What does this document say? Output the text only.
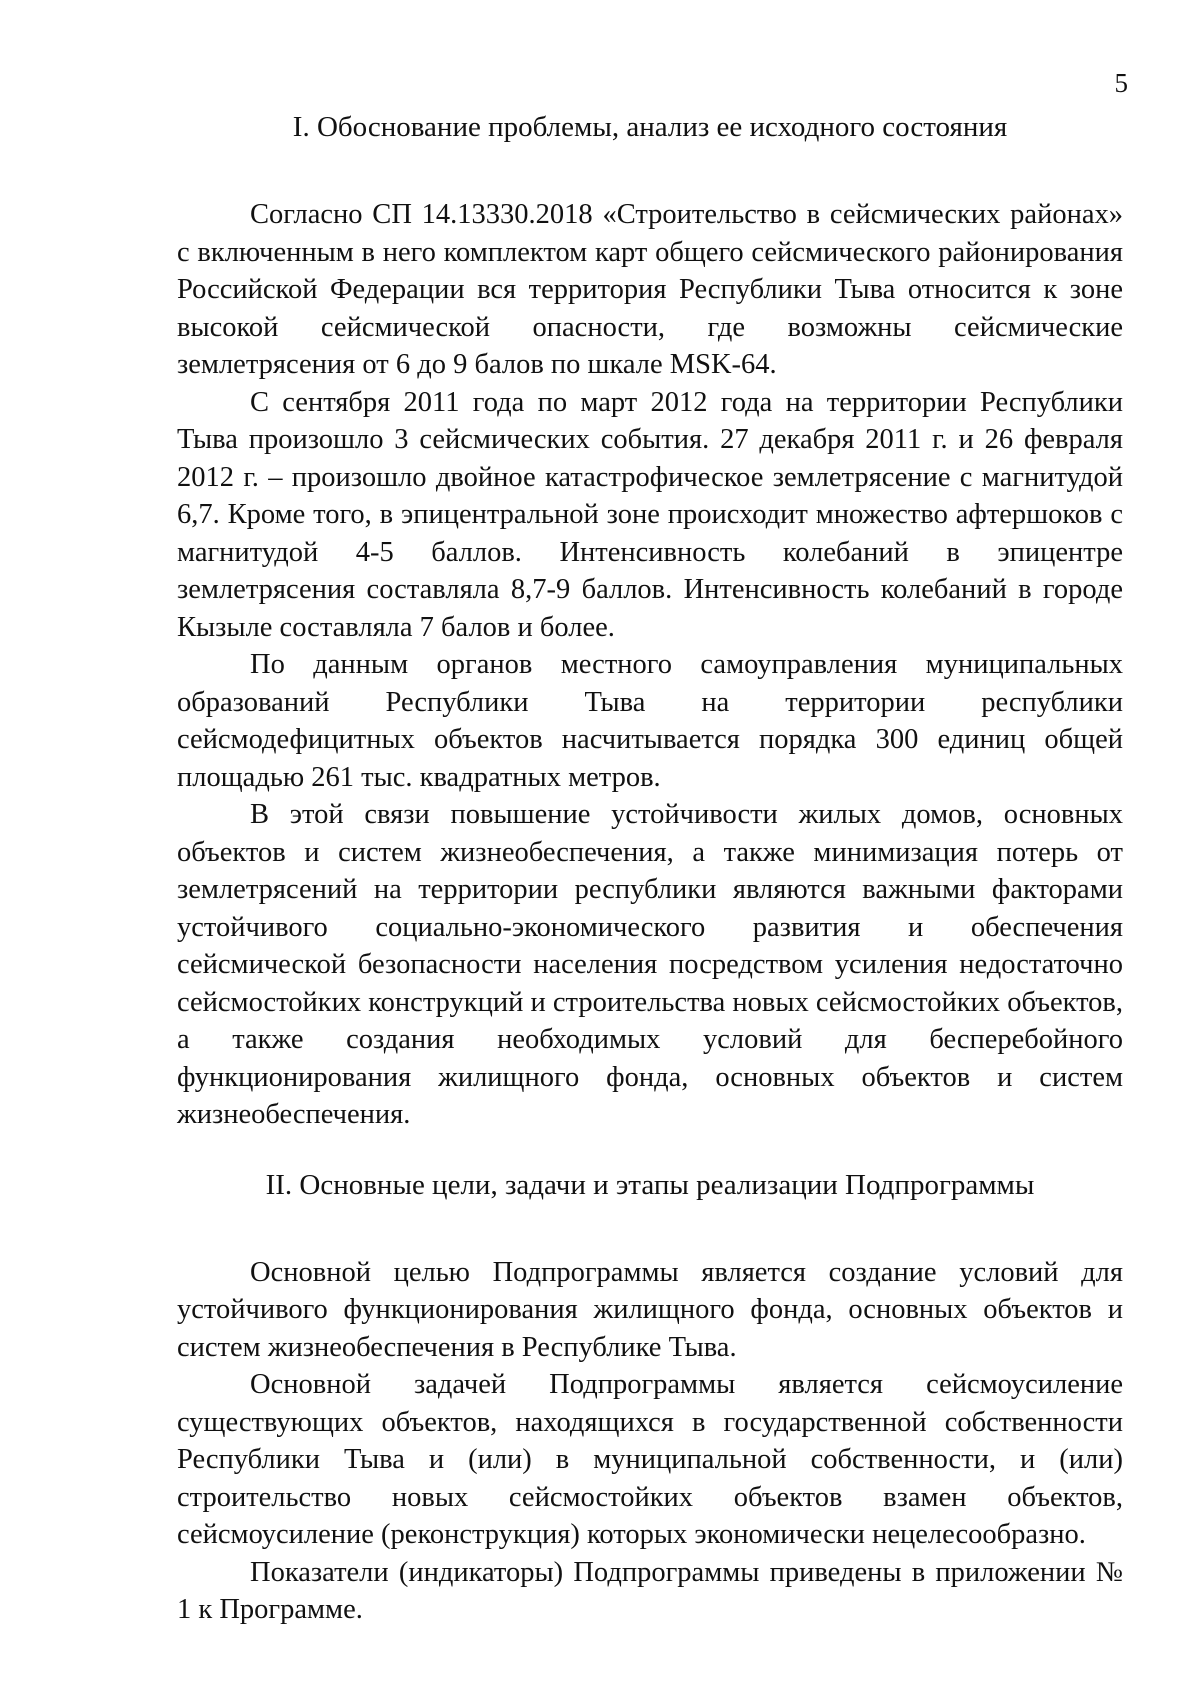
5
I. Обоснование проблемы, анализ ее исходного состояния

Согласно СП 14.13330.2018 «Строительство в сейсмических районах» с включенным в него комплектом карт общего сейсмического районирования Российской Федерации вся территория Республики Тыва относится к зоне высокой сейсмической опасности, где возможны сейсмические землетрясения от 6 до 9 балов по шкале MSK-64.

С сентября 2011 года по март 2012 года на территории Республики Тыва произошло 3 сейсмических события. 27 декабря 2011 г. и 26 февраля 2012 г. – произошло двойное катастрофическое землетрясение с магнитудой 6,7. Кроме того, в эпицентральной зоне происходит множество афтершоков с магнитудой 4-5 баллов. Интенсивность колебаний в эпицентре землетрясения составляла 8,7-9 баллов. Интенсивность колебаний в городе Кызыле составляла 7 балов и более.

По данным органов местного самоуправления муниципальных образований Республики Тыва на территории республики сейсмодефицитных объектов насчитывается порядка 300 единиц общей площадью 261 тыс. квадратных метров.

В этой связи повышение устойчивости жилых домов, основных объектов и систем жизнеобеспечения, а также минимизация потерь от землетрясений на территории республики являются важными факторами устойчивого социально-экономического развития и обеспечения сейсмической безопасности населения посредством усиления недостаточно сейсмостойких конструкций и строительства новых сейсмостойких объектов, а также создания необходимых условий для бесперебойного функционирования жилищного фонда, основных объектов и систем жизнеобеспечения.

II. Основные цели, задачи и этапы реализации Подпрограммы

Основной целью Подпрограммы является создание условий для устойчивого функционирования жилищного фонда, основных объектов и систем жизнеобеспечения в Республике Тыва.

Основной задачей Подпрограммы является сейсмоусиление существующих объектов, находящихся в государственной собственности Республики Тыва и (или) в муниципальной собственности, и (или) строительство новых сейсмостойких объектов взамен объектов, сейсмоусиление (реконструкция) которых экономически нецелесообразно.

Показатели (индикаторы) Подпрограммы приведены в приложении № 1 к Программе.
